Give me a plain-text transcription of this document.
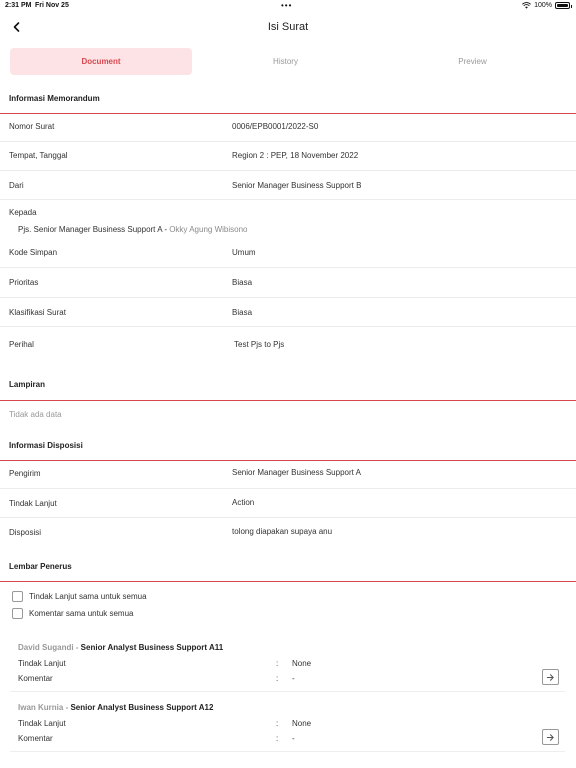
2:31 PM Fri Nov 25	•••	100%
Isi Surat
Document	History	Preview
Informasi Memorandum
Nomor Surat	0006/EPB0001/2022-S0
Tempat, Tanggal	Region 2 : PEP, 18 November 2022
Dari	Senior Manager Business Support B
Kepada
Pjs. Senior Manager Business Support A - Okky Agung Wibisono
Kode Simpan	Umum
Prioritas	Biasa
Klasifikasi Surat	Biasa
Perihal	Test Pjs to Pjs
Lampiran
Tidak ada data
Informasi Disposisi
Pengirim	Senior Manager Business Support A
Tindak Lanjut	Action
Disposisi	tolong diapakan supaya anu
Lembar Penerus
Tindak Lanjut sama untuk semua
Komentar sama untuk semua
David Sugandi - Senior Analyst Business Support A11
Tindak Lanjut	: None
Komentar	: -
Iwan Kurnia - Senior Analyst Business Support A12
Tindak Lanjut	: None
Komentar	: -
